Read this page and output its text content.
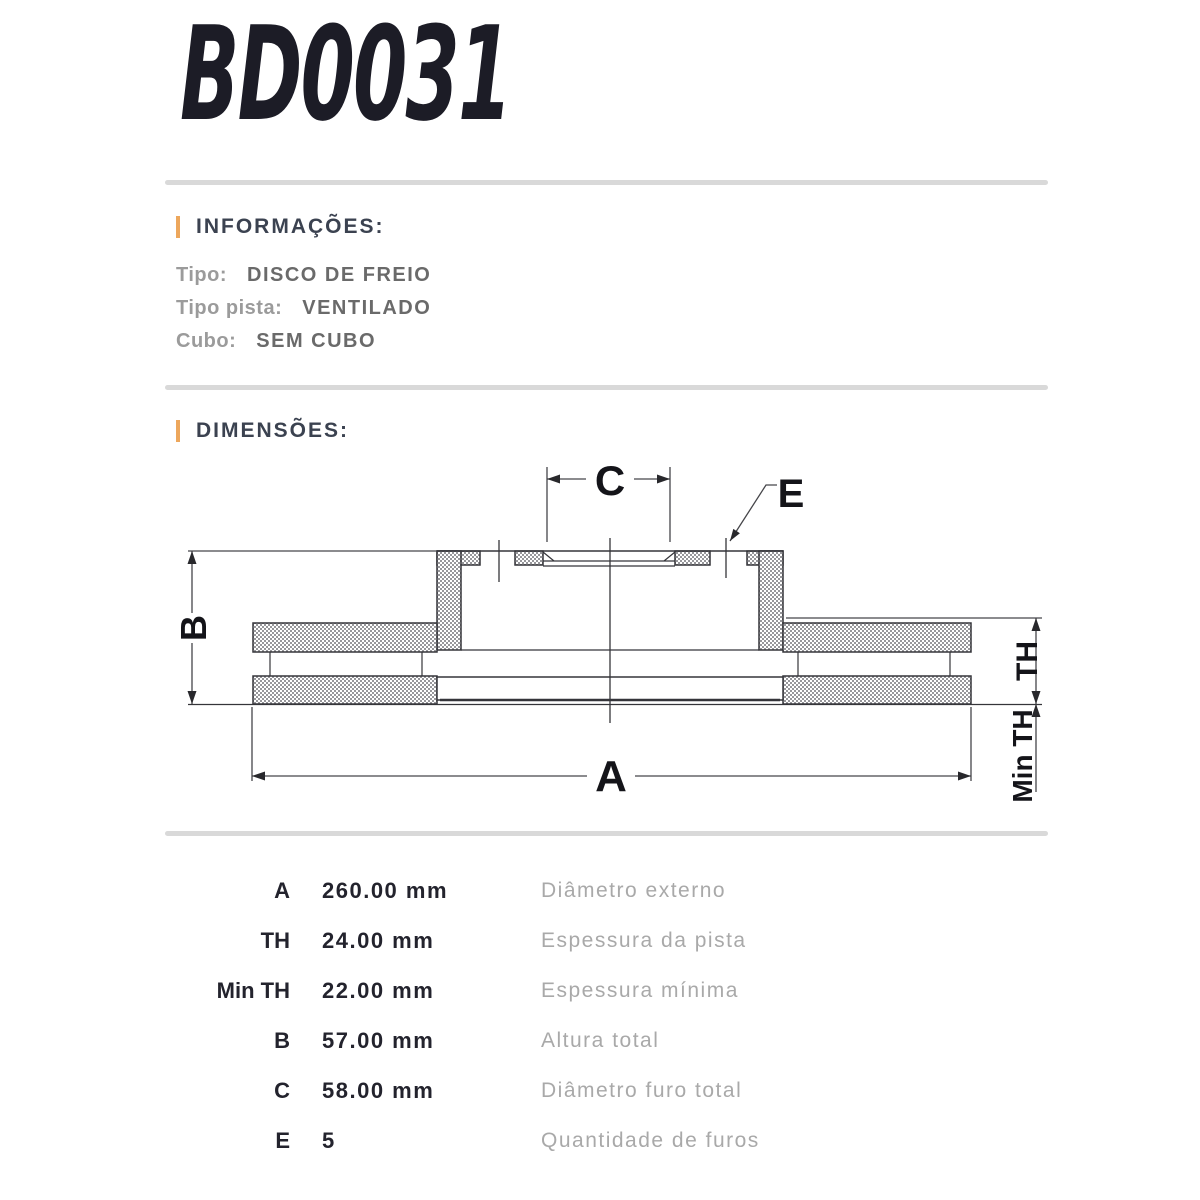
BD0031
INFORMAÇÕES:
Tipo: DISCO DE FREIO
Tipo pista: VENTILADO
Cubo: SEM CUBO
DIMENSÕES:
C	E
A
B
TH
Min TH
A 260.00 mm	Diâmetro externo
TH 24.00 mm	Espessura da pista
Min TH 22.00 mm	Espessura mínima
B 57.00 mm	Altura total
C 58.00 mm	Diâmetro furo total
E 5	Quantidade de furos
